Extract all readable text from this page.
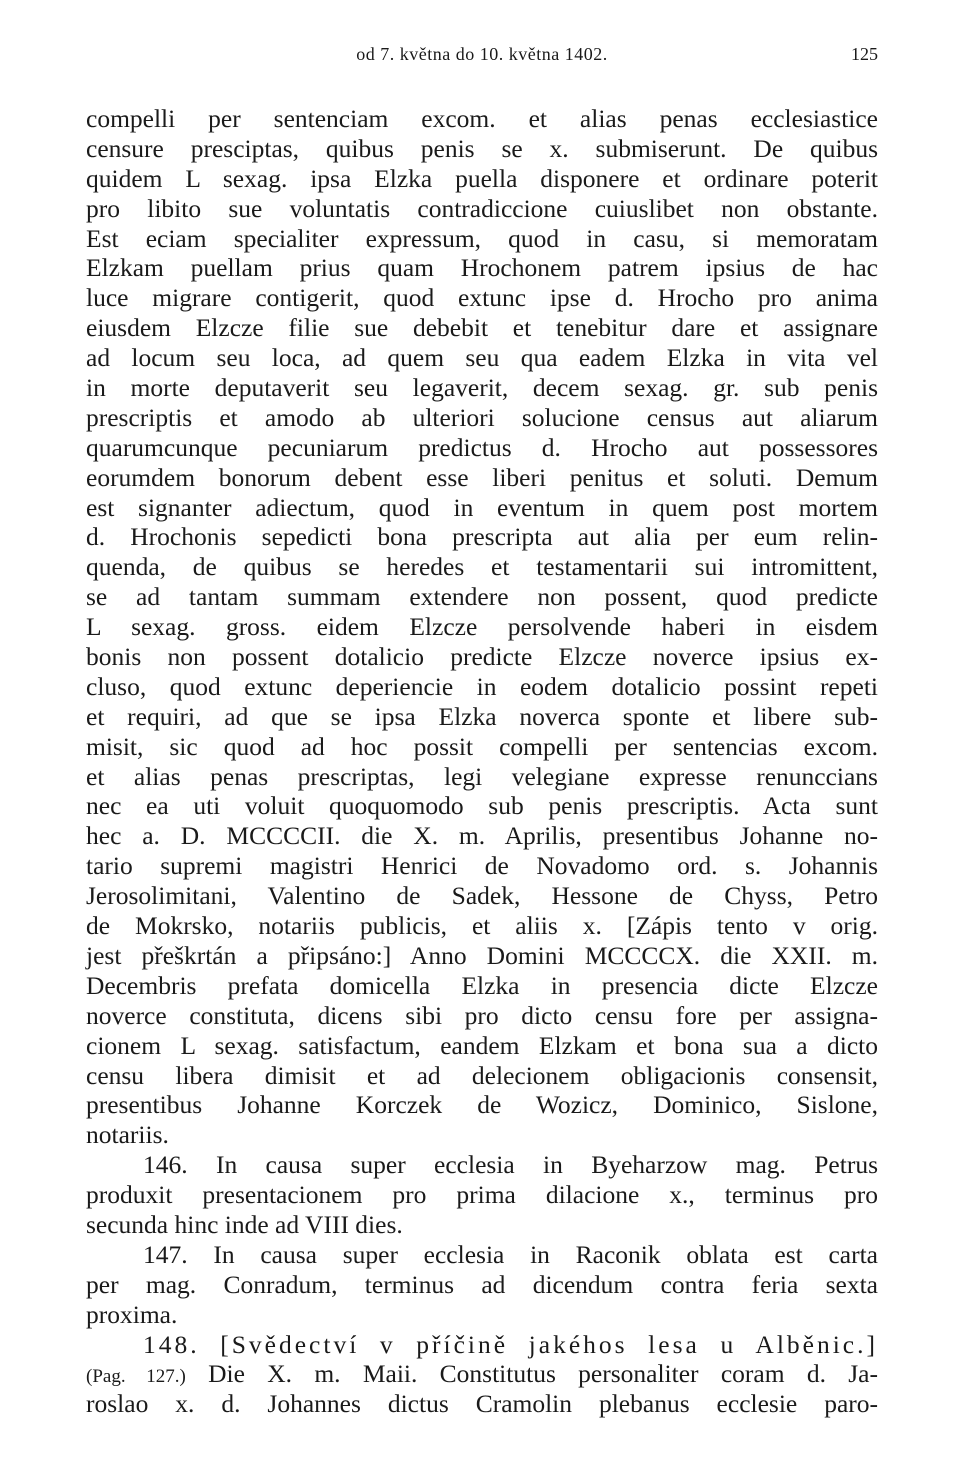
od 7. května do 10. května 1402.	125
compelli per sentenciam excom. et alias penas ecclesiastice
censure presciptas, quibus penis se x. submiserunt. De quibus
quidem L sexag. ipsa Elzka puella disponere et ordinare poterit
pro libito sue voluntatis contradiccione cuiuslibet non obstante.
Est eciam specialiter expressum, quod in casu, si memoratam
Elzkam puellam prius quam Hrochonem patrem ipsius de hac
luce migrare contigerit, quod extunc ipse d. Hrocho pro anima
eiusdem Elzcze filie sue debebit et tenebitur dare et assignare
ad locum seu loca, ad quem seu qua eadem Elzka in vita vel
in morte deputaverit seu legaverit, decem sexag. gr. sub penis
prescriptis et amodo ab ulteriori solucione census aut aliarum
quarumcunque pecuniarum predictus d. Hrocho aut possessores
eorumdem bonorum debent esse liberi penitus et soluti. Demum
est signanter adiectum, quod in eventum in quem post mortem
d. Hrochonis sepedicti bona prescripta aut alia per eum relin-
quenda, de quibus se heredes et testamentarii sui intromittent,
se ad tantam summam extendere non possent, quod predicte
L sexag. gross. eidem Elzcze persolvende haberi in eisdem
bonis non possent dotalicio predicte Elzcze noverce ipsius ex-
cluso, quod extunc deperiencie in eodem dotalicio possint repeti
et requiri, ad que se ipsa Elzka noverca sponte et libere sub-
misit, sic quod ad hoc possit compelli per sentencias excom.
et alias penas prescriptas, legi velegiane expresse renunccians
nec ea uti voluit quoquomodo sub penis prescriptis. Acta sunt
hec a. D. MCCCCII. die X. m. Aprilis, presentibus Johanne no-
tario supremi magistri Henrici de Novadomo ord. s. Johannis
Jerosolimitani, Valentino de Sadek, Hessone de Chyss, Petro
de Mokrsko, notariis publicis, et aliis x. [Zápis tento v orig.
jest přeškrtán a připsáno:] Anno Domini MCCCCX. die XXII. m.
Decembris prefata domicella Elzka in presencia dicte Elzcze
noverce constituta, dicens sibi pro dicto censu fore per assigna-
cionem L sexag. satisfactum, eandem Elzkam et bona sua a dicto
censu libera dimisit et ad delecionem obligacionis consensit,
presentibus Johanne Korczek de Wozicz, Dominico, Sislone,
notariis.
146. In causa super ecclesia in Byeharzow mag. Petrus
produxit presentacionem pro prima dilacione x., terminus pro
secunda hinc inde ad VIII dies.
147. In causa super ecclesia in Raconik oblata est carta
per mag. Conradum, terminus ad dicendum contra feria sexta
proxima.
148. [Svědectví v příčině jakéhos lesa u Alběnic.]
(Pag. 127.) Die X. m. Maii. Constitutus personaliter coram d. Ja-
roslao x. d. Johannes dictus Cramolin plebanus ecclesie paro-
